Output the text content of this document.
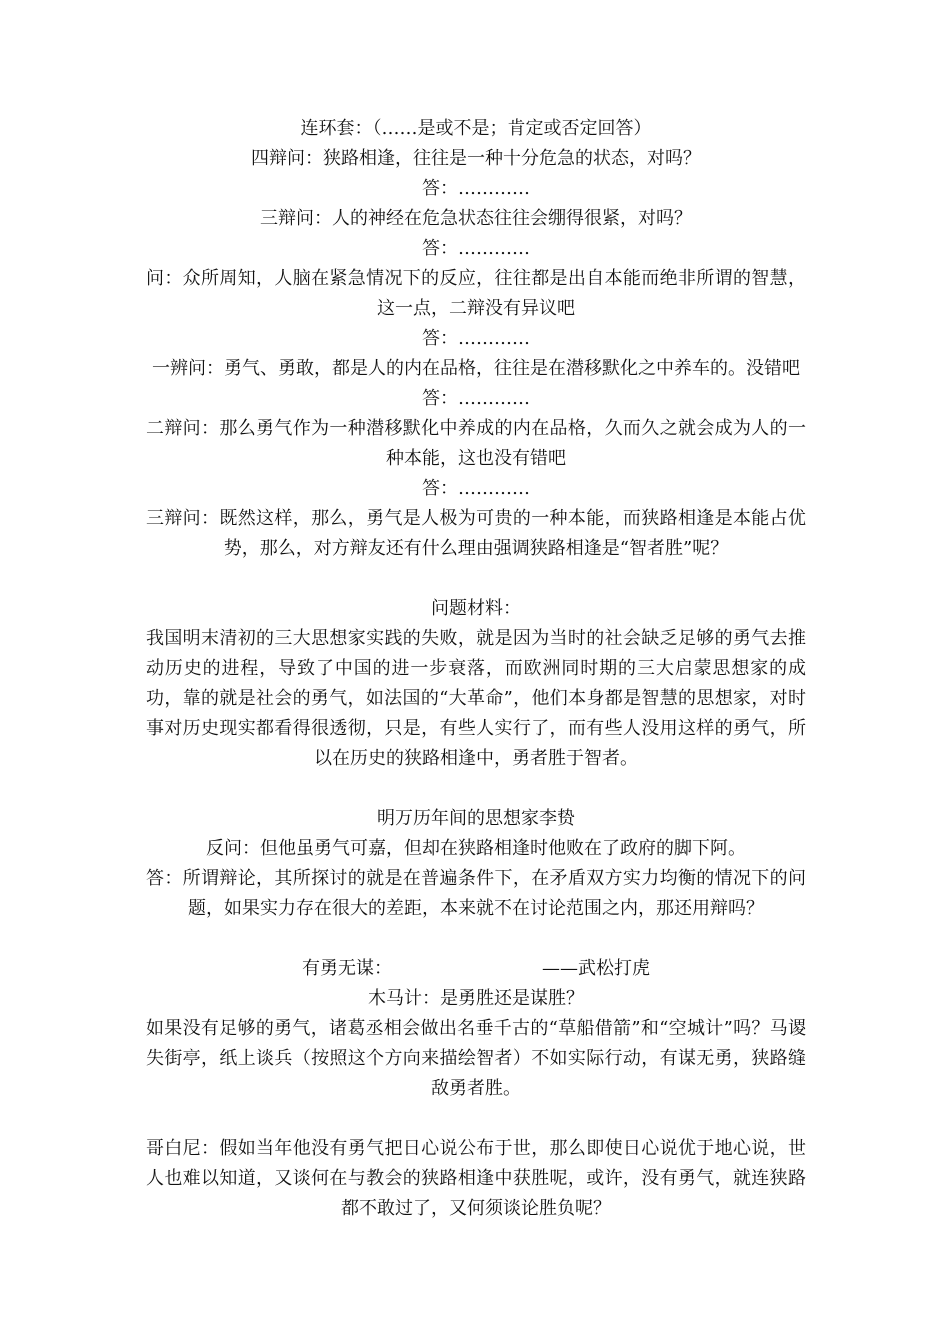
连环套：（……是或不是；肯定或否定回答）

四辩问：狭路相逢，往往是一种十分危急的状态，对吗？

答：…………

三辩问：人的神经在危急状态往往会绷得很紧，对吗？

答：…………

问：众所周知，人脑在紧急情况下的反应，往往都是出自本能而绝非所谓的智慧，这一点，二辩没有异议吧

答：…………

一辨问：勇气、勇敢，都是人的内在品格，往往是在潜移默化之中养车的。没错吧

答：…………

二辩问：那么勇气作为一种潜移默化中养成的内在品格，久而久之就会成为人的一种本能，这也没有错吧

答：…………

三辩问：既然这样，那么，勇气是人极为可贵的一种本能，而狭路相逢是本能占优势，那么，对方辩友还有什么理由强调狭路相逢是“智者胜”呢？

问题材料：

我国明末清初的三大思想家实践的失败，就是因为当时的社会缺乏足够的勇气去推动历史的进程，导致了中国的进一步衰落，而欧洲同时期的三大启蒙思想家的成功，靠的就是社会的勇气，如法国的“大革命”，他们本身都是智慧的思想家，对时事对历史现实都看得很透彻，只是，有些人实行了，而有些人没用这样的勇气，所以在历史的狭路相逢中，勇者胜于智者。

明万历年间的思想家李贽

反问：但他虽勇气可嘉，但却在狭路相逢时他败在了政府的脚下阿。

答：所谓辩论，其所探讨的就是在普遍条件下，在矛盾双方实力均衡的情况下的问题，如果实力存在很大的差距，本来就不在讨论范围之内，那还用辩吗？

有勇无谋：	——武松打虎

木马计：是勇胜还是谋胜？

如果没有足够的勇气，诸葛丞相会做出名垂千古的“草船借箭”和“空城计”吗？马谡失街亭，纸上谈兵（按照这个方向来描绘智者）不如实际行动，有谋无勇，狭路缝敌勇者胜。

哥白尼：假如当年他没有勇气把日心说公布于世，那么即使日心说优于地心说，世人也难以知道，又谈何在与教会的狭路相逢中获胜呢，或许，没有勇气，就连狭路都不敢过了，又何须谈论胜负呢？
